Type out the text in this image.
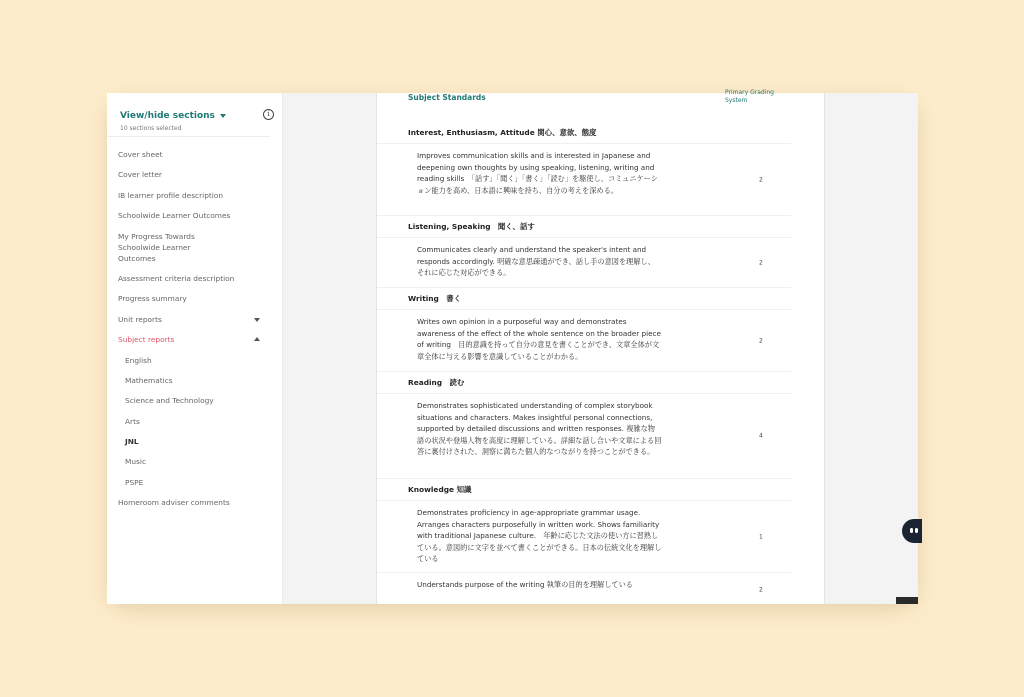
View/hide sections
10 sections selected
i
Cover sheet
Cover letter
IB learner profile description
Schoolwide Learner Outcomes
My Progress Towards Schoolwide Learner Outcomes
Assessment criteria description
Progress summary
Unit reports
Subject reports
English
Mathematics
Science and Technology
Arts
JNL
Music
PSPE
Homeroom adviser comments
Subject Standards
Primary Grading System
Interest, Enthusiasm, Attitude 関心、意欲、態度
Improves communication skills and is interested in Japanese and deepening own thoughts by using speaking, listening, writing and reading skills　「話す」「聞く」「書く」「読む」を駆使し、コミュニケーション能力を高め、日本語に興味を持ち、自分の考えを深める。
2
Listening, Speaking　聞く、話す
Communicates clearly and understand the speaker's intent and responds accordingly. 明確な意思疎通ができ、話し手の意図を理解し、それに応じた対応ができる。
2
Writing　書く
Writes own opinion in a purposeful way and demonstrates awareness of the effect of the whole sentence on the broader piece of writing　目的意識を持って自分の意見を書くことができ、文章全体が文章全体に与える影響を意識していることがわかる。
2
Reading　読む
Demonstrates sophisticated understanding of complex storybook situations and characters. Makes insightful personal connections, supported by detailed discussions and written responses. 複雑な物語の状況や登場人物を高度に理解している。詳細な話し合いや文章による回答に裏付けされた、洞察に満ちた個人的なつながりを持つことができる。
4
Knowledge 知識
Demonstrates proficiency in age-appropriate grammar usage. Arranges characters purposefully in written work. Shows familiarity with traditional Japanese culture.　年齢に応じた文法の使い方に習熟している。意図的に文字を並べて書くことができる。日本の伝統文化を理解している
1
Understands purpose of the writing 執筆の目的を理解している
2
